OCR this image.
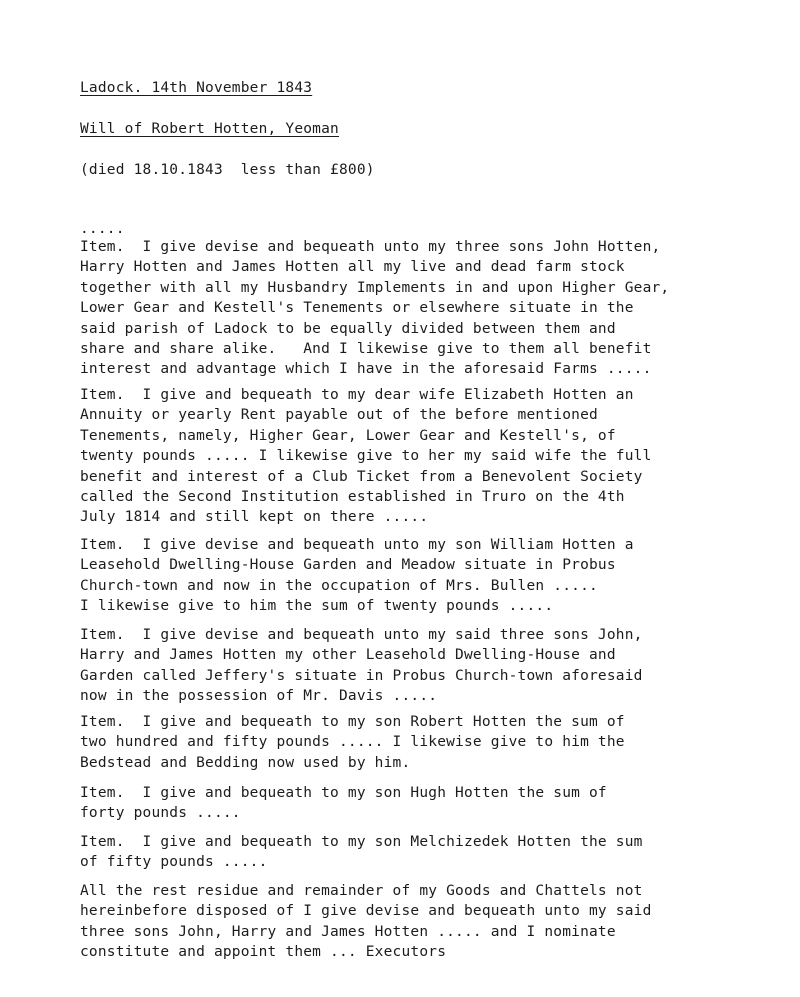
Ladock. 14th November 1843
Will of Robert Hotten, Yeoman
(died 18.10.1843  less than £800)
.....
Item.  I give devise and bequeath unto my three sons John Hotten,
Harry Hotten and James Hotten all my live and dead farm stock
together with all my Husbandry Implements in and upon Higher Gear,
Lower Gear and Kestell's Tenements or elsewhere situate in the
said parish of Ladock to be equally divided between them and
share and share alike.   And I likewise give to them all benefit
interest and advantage which I have in the aforesaid Farms .....
Item.  I give and bequeath to my dear wife Elizabeth Hotten an
Annuity or yearly Rent payable out of the before mentioned
Tenements, namely, Higher Gear, Lower Gear and Kestell's, of
twenty pounds ..... I likewise give to her my said wife the full
benefit and interest of a Club Ticket from a Benevolent Society
called the Second Institution established in Truro on the 4th
July 1814 and still kept on there .....
Item.  I give devise and bequeath unto my son William Hotten a
Leasehold Dwelling-House Garden and Meadow situate in Probus
Church-town and now in the occupation of Mrs. Bullen .....
I likewise give to him the sum of twenty pounds .....
Item.  I give devise and bequeath unto my said three sons John,
Harry and James Hotten my other Leasehold Dwelling-House and
Garden called Jeffery's situate in Probus Church-town aforesaid
now in the possession of Mr. Davis .....
Item.  I give and bequeath to my son Robert Hotten the sum of
two hundred and fifty pounds ..... I likewise give to him the
Bedstead and Bedding now used by him.
Item.  I give and bequeath to my son Hugh Hotten the sum of
forty pounds .....
Item.  I give and bequeath to my son Melchizedek Hotten the sum
of fifty pounds .....
All the rest residue and remainder of my Goods and Chattels not
hereinbefore disposed of I give devise and bequeath unto my said
three sons John, Harry and James Hotten ..... and I nominate
constitute and appoint them ... Executors
